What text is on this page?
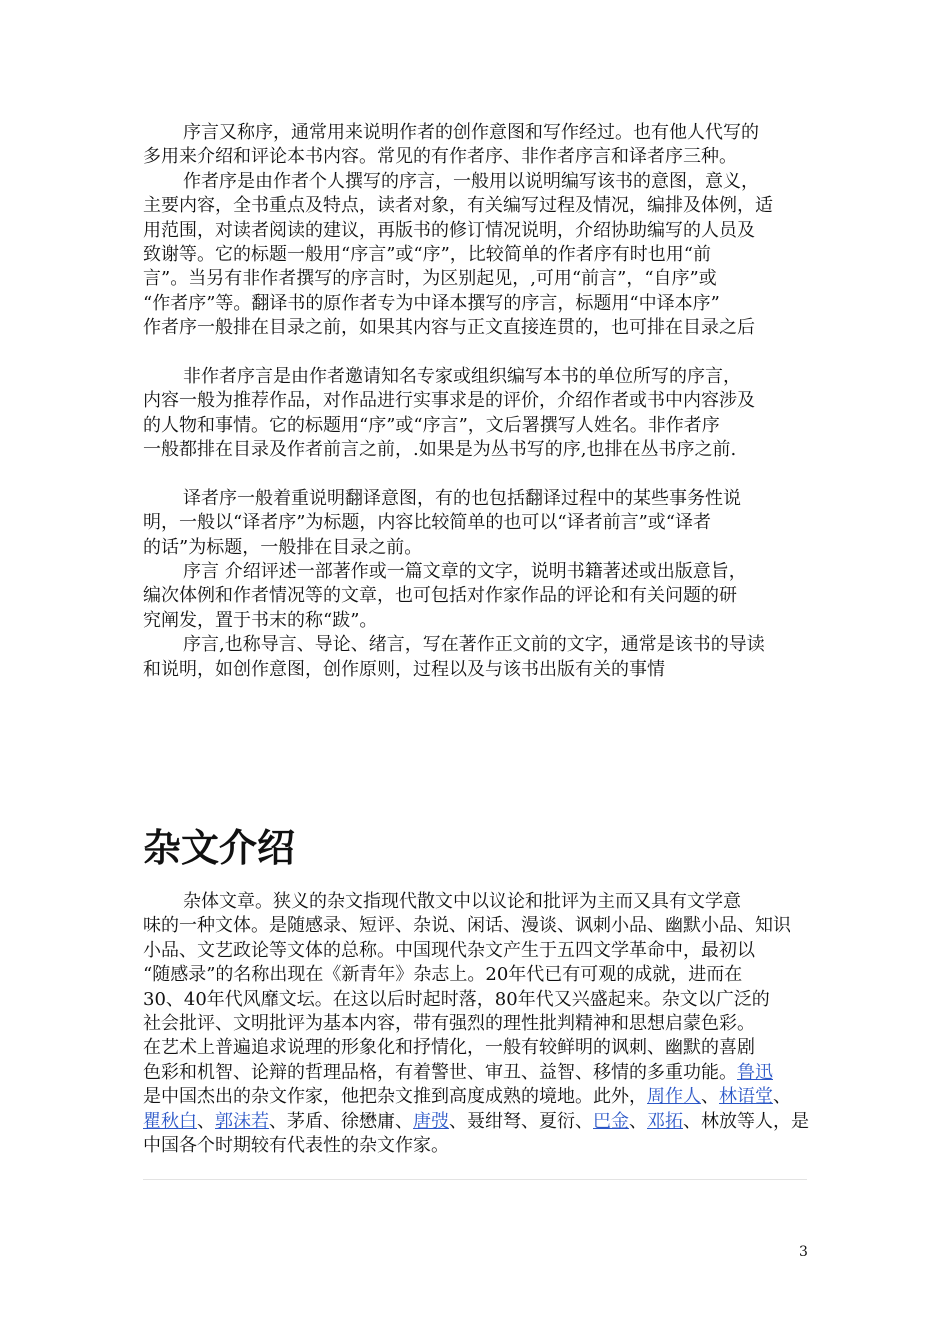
序言又称序，通常用来说明作者的创作意图和写作经过。也有他人代写的
多用来介绍和评论本书内容。常见的有作者序、非作者序言和译者序三种。
作者序是由作者个人撰写的序言，一般用以说明编写该书的意图，意义，
主要内容，全书重点及特点，读者对象，有关编写过程及情况，编排及体例，适
用范围，对读者阅读的建议，再版书的修订情况说明，介绍协助编写的人员及
致谢等。它的标题一般用“序言”或“序”，比较简单的作者序有时也用“前
言”。当另有非作者撰写的序言时，为区别起见，,可用“前言”，“自序”或
“作者序”等。翻译书的原作者专为中译本撰写的序言，标题用“中译本序”
作者序一般排在目录之前，如果其内容与正文直接连贯的，也可排在目录之后
非作者序言是由作者邀请知名专家或组织编写本书的单位所写的序言，
内容一般为推荐作品，对作品进行实事求是的评价，介绍作者或书中内容涉及
的人物和事情。它的标题用“序”或“序言”，文后署撰写人姓名。非作者序
一般都排在目录及作者前言之前，.如果是为丛书写的序,也排在丛书序之前.
译者序一般着重说明翻译意图，有的也包括翻译过程中的某些事务性说
明，一般以“译者序”为标题，内容比较简单的也可以“译者前言”或“译者
的话”为标题，一般排在目录之前。
序言 介绍评述一部著作或一篇文章的文字，说明书籍著述或出版意旨，
编次体例和作者情况等的文章，也可包括对作家作品的评论和有关问题的研
究阐发，置于书末的称“跋”。
序言,也称导言、导论、绪言，写在著作正文前的文字，通常是该书的导读
和说明，如创作意图，创作原则，过程以及与该书出版有关的事情
杂文介绍
杂体文章。狭义的杂文指现代散文中以议论和批评为主而又具有文学意
味的一种文体。是随感录、短评、杂说、闲话、漫谈、讽刺小品、幽默小品、知识
小品、文艺政论等文体的总称。中国现代杂文产生于五四文学革命中，最初以
“随感录”的名称出现在《新青年》杂志上。20年代已有可观的成就，进而在
30、40年代风靡文坛。在这以后时起时落，80年代又兴盛起来。杂文以广泛的
社会批评、文明批评为基本内容，带有强烈的理性批判精神和思想启蒙色彩。
在艺术上普遍追求说理的形象化和抒情化，一般有较鲜明的讽刺、幽默的喜剧
色彩和机智、论辩的哲理品格，有着警世、审丑、益智、移情的多重功能。鲁迅
是中国杰出的杂文作家，他把杂文推到高度成熟的境地。此外，周作人、林语堂、
瞿秋白、郭沫若、茅盾、徐懋庸、唐弢、聂绀弩、夏衍、巴金、邓拓、林放等人，是
中国各个时期较有代表性的杂文作家。
3
